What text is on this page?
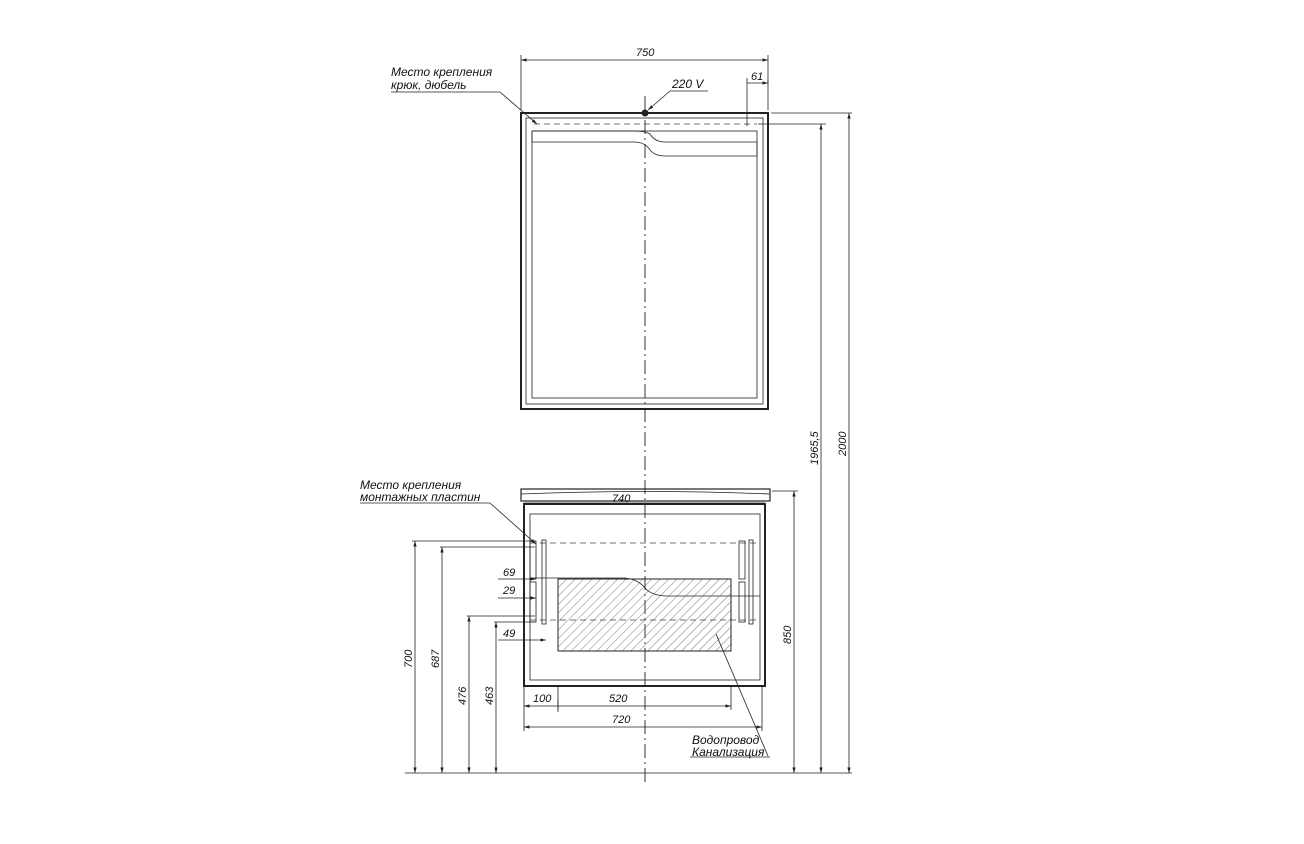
750
61
220 V
Место крепления
крюк, дюбель
740
Место крепления
монтажных пластин
69
29
49
700 687
476 463	100	520
720
Водопровод
Канализация
850
1965,5 2000
